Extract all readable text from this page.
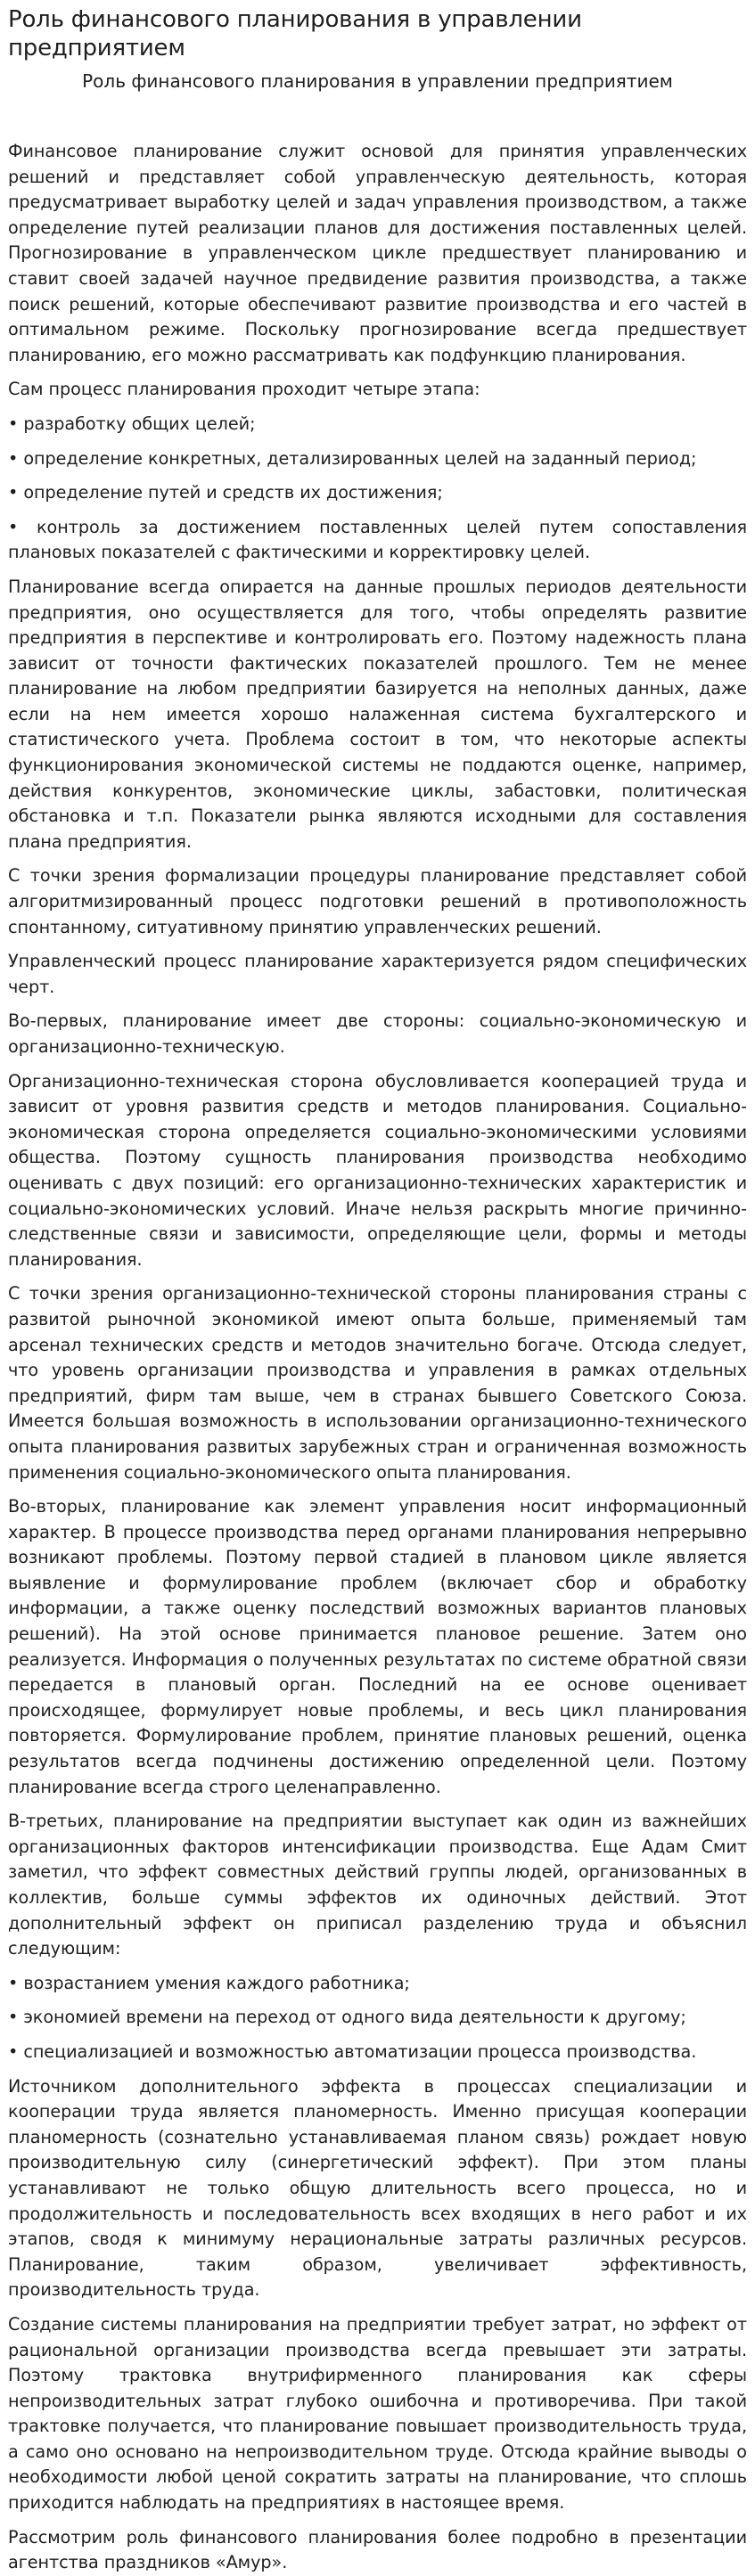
Роль финансового планирования в управлении предприятием
Роль финансового планирования в управлении предприятием

Финансовое планирование служит основой для принятия управленческих решений и представляет собой управленческую деятельность, которая предусматривает выработку целей и задач управления производством, а также определение путей реализации планов для достижения поставленных целей. Прогнозирование в управленческом цикле предшествует планированию и ставит своей задачей научное предвидение развития производства, а также поиск решений, которые обеспечивают развитие производства и его частей в оптимальном режиме. Поскольку прогнозирование всегда предшествует планированию, его можно рассматривать как подфункцию планирования.

Сам процесс планирования проходит четыре этапа:

• разработку общих целей;

• определение конкретных, детализированных целей на заданный период;

• определение путей и средств их достижения;

• контроль за достижением поставленных целей путем сопоставления плановых показателей с фактическими и корректировку целей.

Планирование всегда опирается на данные прошлых периодов деятельности предприятия, оно осуществляется для того, чтобы определять развитие предприятия в перспективе и контролировать его. Поэтому надежность плана зависит от точности фактических показателей прошлого. Тем не менее планирование на любом предприятии базируется на неполных данных, даже если на нем имеется хорошо налаженная система бухгалтерского и статистического учета. Проблема состоит в том, что некоторые аспекты функционирования экономической системы не поддаются оценке, например, действия конкурентов, экономические циклы, забастовки, политическая обстановка и т.п. Показатели рынка являются исходными для составления плана предприятия.

С точки зрения формализации процедуры планирование представляет собой алгоритмизированный процесс подготовки решений в противоположность спонтанному, ситуативному принятию управленческих решений.

Управленческий процесс планирование характеризуется рядом специфических черт.

Во-первых, планирование имеет две стороны: социально-экономическую и организационно-техническую.

Организационно-техническая сторона обусловливается кооперацией труда и зависит от уровня развития средств и методов планирования. Социально-экономическая сторона определяется социально-экономическими условиями общества. Поэтому сущность планирования производства необходимо оценивать с двух позиций: его организационно-технических характеристик и социально-экономических условий. Иначе нельзя раскрыть многие причинно-следственные связи и зависимости, определяющие цели, формы и методы планирования.

С точки зрения организационно-технической стороны планирования страны с развитой рыночной экономикой имеют опыта больше, применяемый там арсенал технических средств и методов значительно богаче. Отсюда следует, что уровень организации производства и управления в рамках отдельных предприятий, фирм там выше, чем в странах бывшего Советского Союза. Имеется большая возможность в использовании организационно-технического опыта планирования развитых зарубежных стран и ограниченная возможность применения социально-экономического опыта планирования.

Во-вторых, планирование как элемент управления носит информационный характер. В процессе производства перед органами планирования непрерывно возникают проблемы. Поэтому первой стадией в плановом цикле является выявление и формулирование проблем (включает сбор и обработку информации, а также оценку последствий возможных вариантов плановых решений). На этой основе принимается плановое решение. Затем оно реализуется. Информация о полученных результатах по системе обратной связи передается в плановый орган. Последний на ее основе оценивает происходящее, формулирует новые проблемы, и весь цикл планирования повторяется. Формулирование проблем, принятие плановых решений, оценка результатов всегда подчинены достижению определенной цели. Поэтому планирование всегда строго целенаправленно.

В-третьих, планирование на предприятии выступает как один из важнейших организационных факторов интенсификации производства. Еще Адам Смит заметил, что эффект совместных действий группы людей, организованных в коллектив, больше суммы эффектов их одиночных действий. Этот дополнительный эффект он приписал разделению труда и объяснил следующим:

• возрастанием умения каждого работника;

• экономией времени на переход от одного вида деятельности к другому;

• специализацией и возможностью автоматизации процесса производства.

Источником дополнительного эффекта в процессах специализации и кооперации труда является планомерность. Именно присущая кооперации планомерность (сознательно устанавливаемая планом связь) рождает новую производительную силу (синергетический эффект). При этом планы устанавливают не только общую длительность всего процесса, но и продолжительность и последовательность всех входящих в него работ и их этапов, сводя к минимуму нерациональные затраты различных ресурсов. Планирование, таким образом, увеличивает эффективность, производительность труда.

Создание системы планирования на предприятии требует затрат, но эффект от рациональной организации производства всегда превышает эти затраты. Поэтому трактовка внутрифирменного планирования как сферы непроизводительных затрат глубоко ошибочна и противоречива. При такой трактовке получается, что планирование повышает производительность труда, а само оно основано на непроизводительном труде. Отсюда крайние выводы о необходимости любой ценой сократить затраты на планирование, что сплошь приходится наблюдать на предприятиях в настоящее время.

Рассмотрим роль финансового планирования более подробно в презентации агентства праздников «Амур».
